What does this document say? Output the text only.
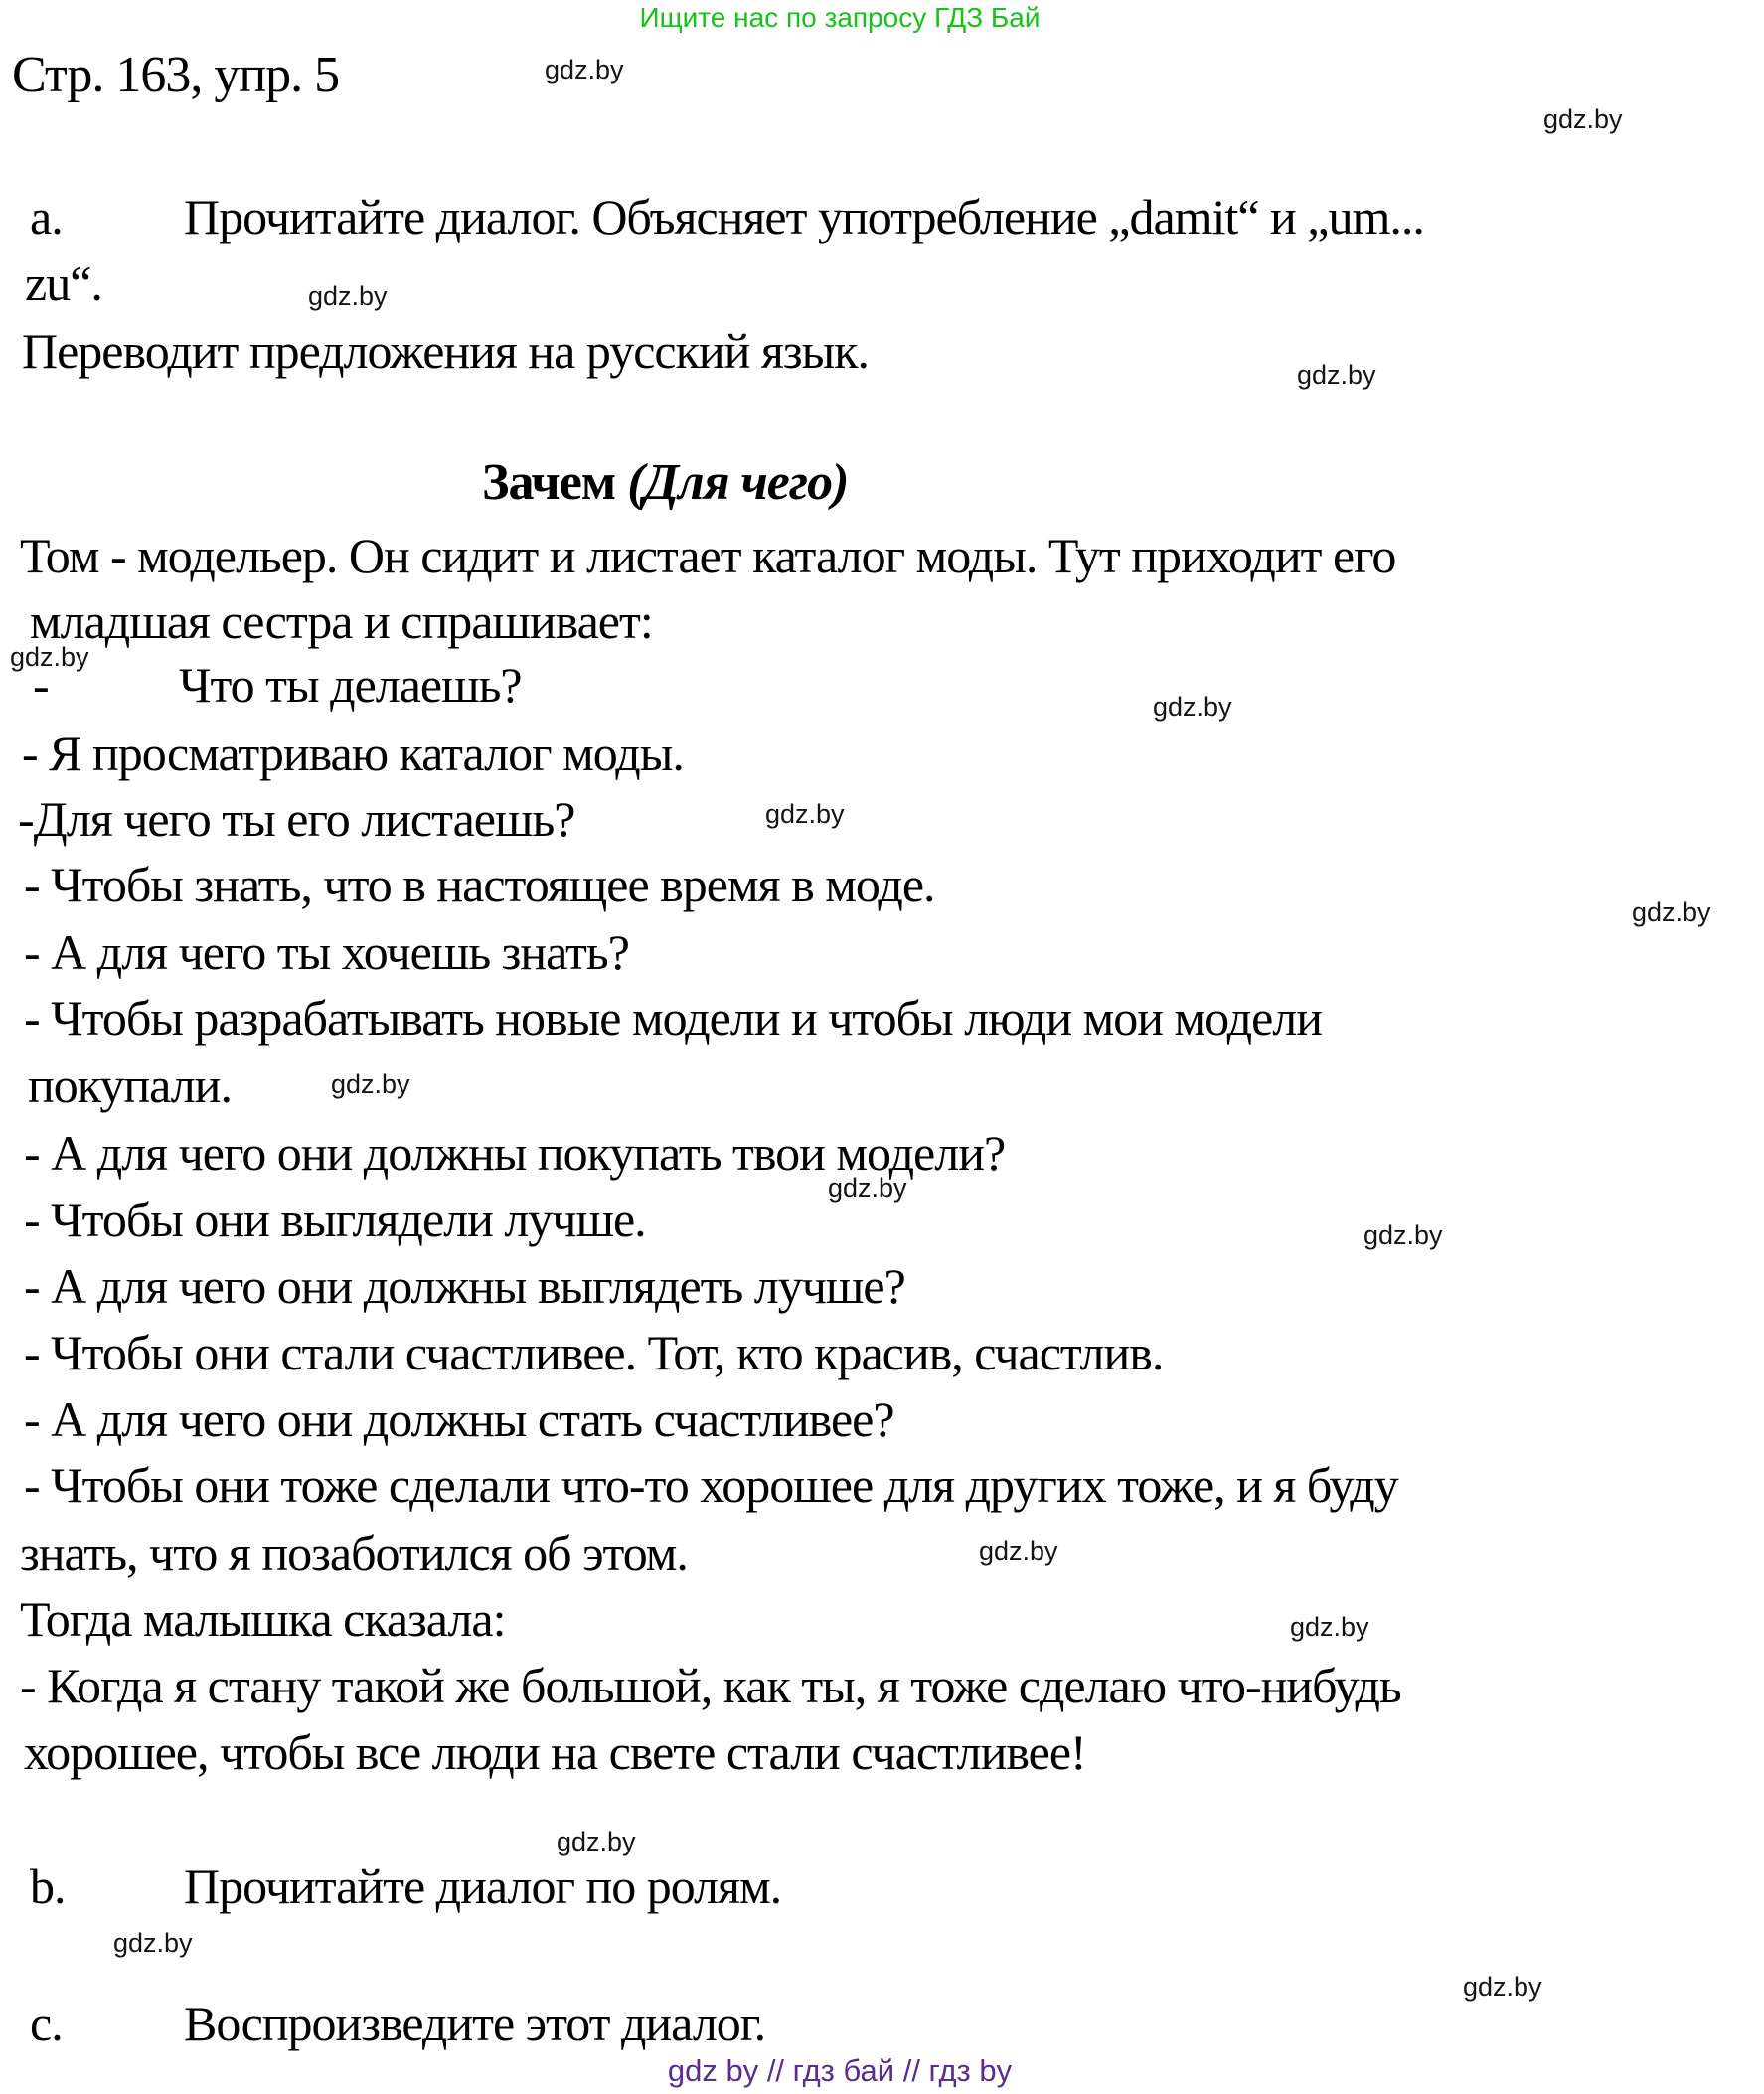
Ищите нас по запросу ГДЗ Бай
gdz.by
gdz.by
gdz.by
gdz.by
gdz.by
gdz.by
gdz.by
gdz.by
gdz.by
gdz.by
gdz.by
gdz.by
gdz.by
gdz.by
gdz.by
gdz.by
Стр. 163, упр. 5
a. Прочитайте диалог. Объясняет употребление „damit“ и „um...
zu“.
Переводит предложения на русский язык.
Зачем (Для чего)
Том - модельер. Он сидит и листает каталог моды. Тут приходит его
младшая сестра и спрашивает:
-	Что ты делаешь?
- Я просматриваю каталог моды.
-Для чего ты его листаешь?
- Чтобы знать, что в настоящее время в моде.
- А для чего ты хочешь знать?
- Чтобы разрабатывать новые модели и чтобы люди мои модели
покупали.
- А для чего они должны покупать твои модели?
- Чтобы они выглядели лучше.
- А для чего они должны выглядеть лучше?
- Чтобы они стали счастливее. Тот, кто красив, счастлив.
- А для чего они должны стать счастливее?
- Чтобы они тоже сделали что-то хорошее для других тоже, и я буду
знать, что я позаботился об этом.
Тогда малышка сказала:
- Когда я стану такой же большой, как ты, я тоже сделаю что-нибудь
хорошее, чтобы все люди на свете стали счастливее!
b. Прочитайте диалог по ролям.
c. Воспроизведите этот диалог.
gdz by // гдз бай // гдз by
